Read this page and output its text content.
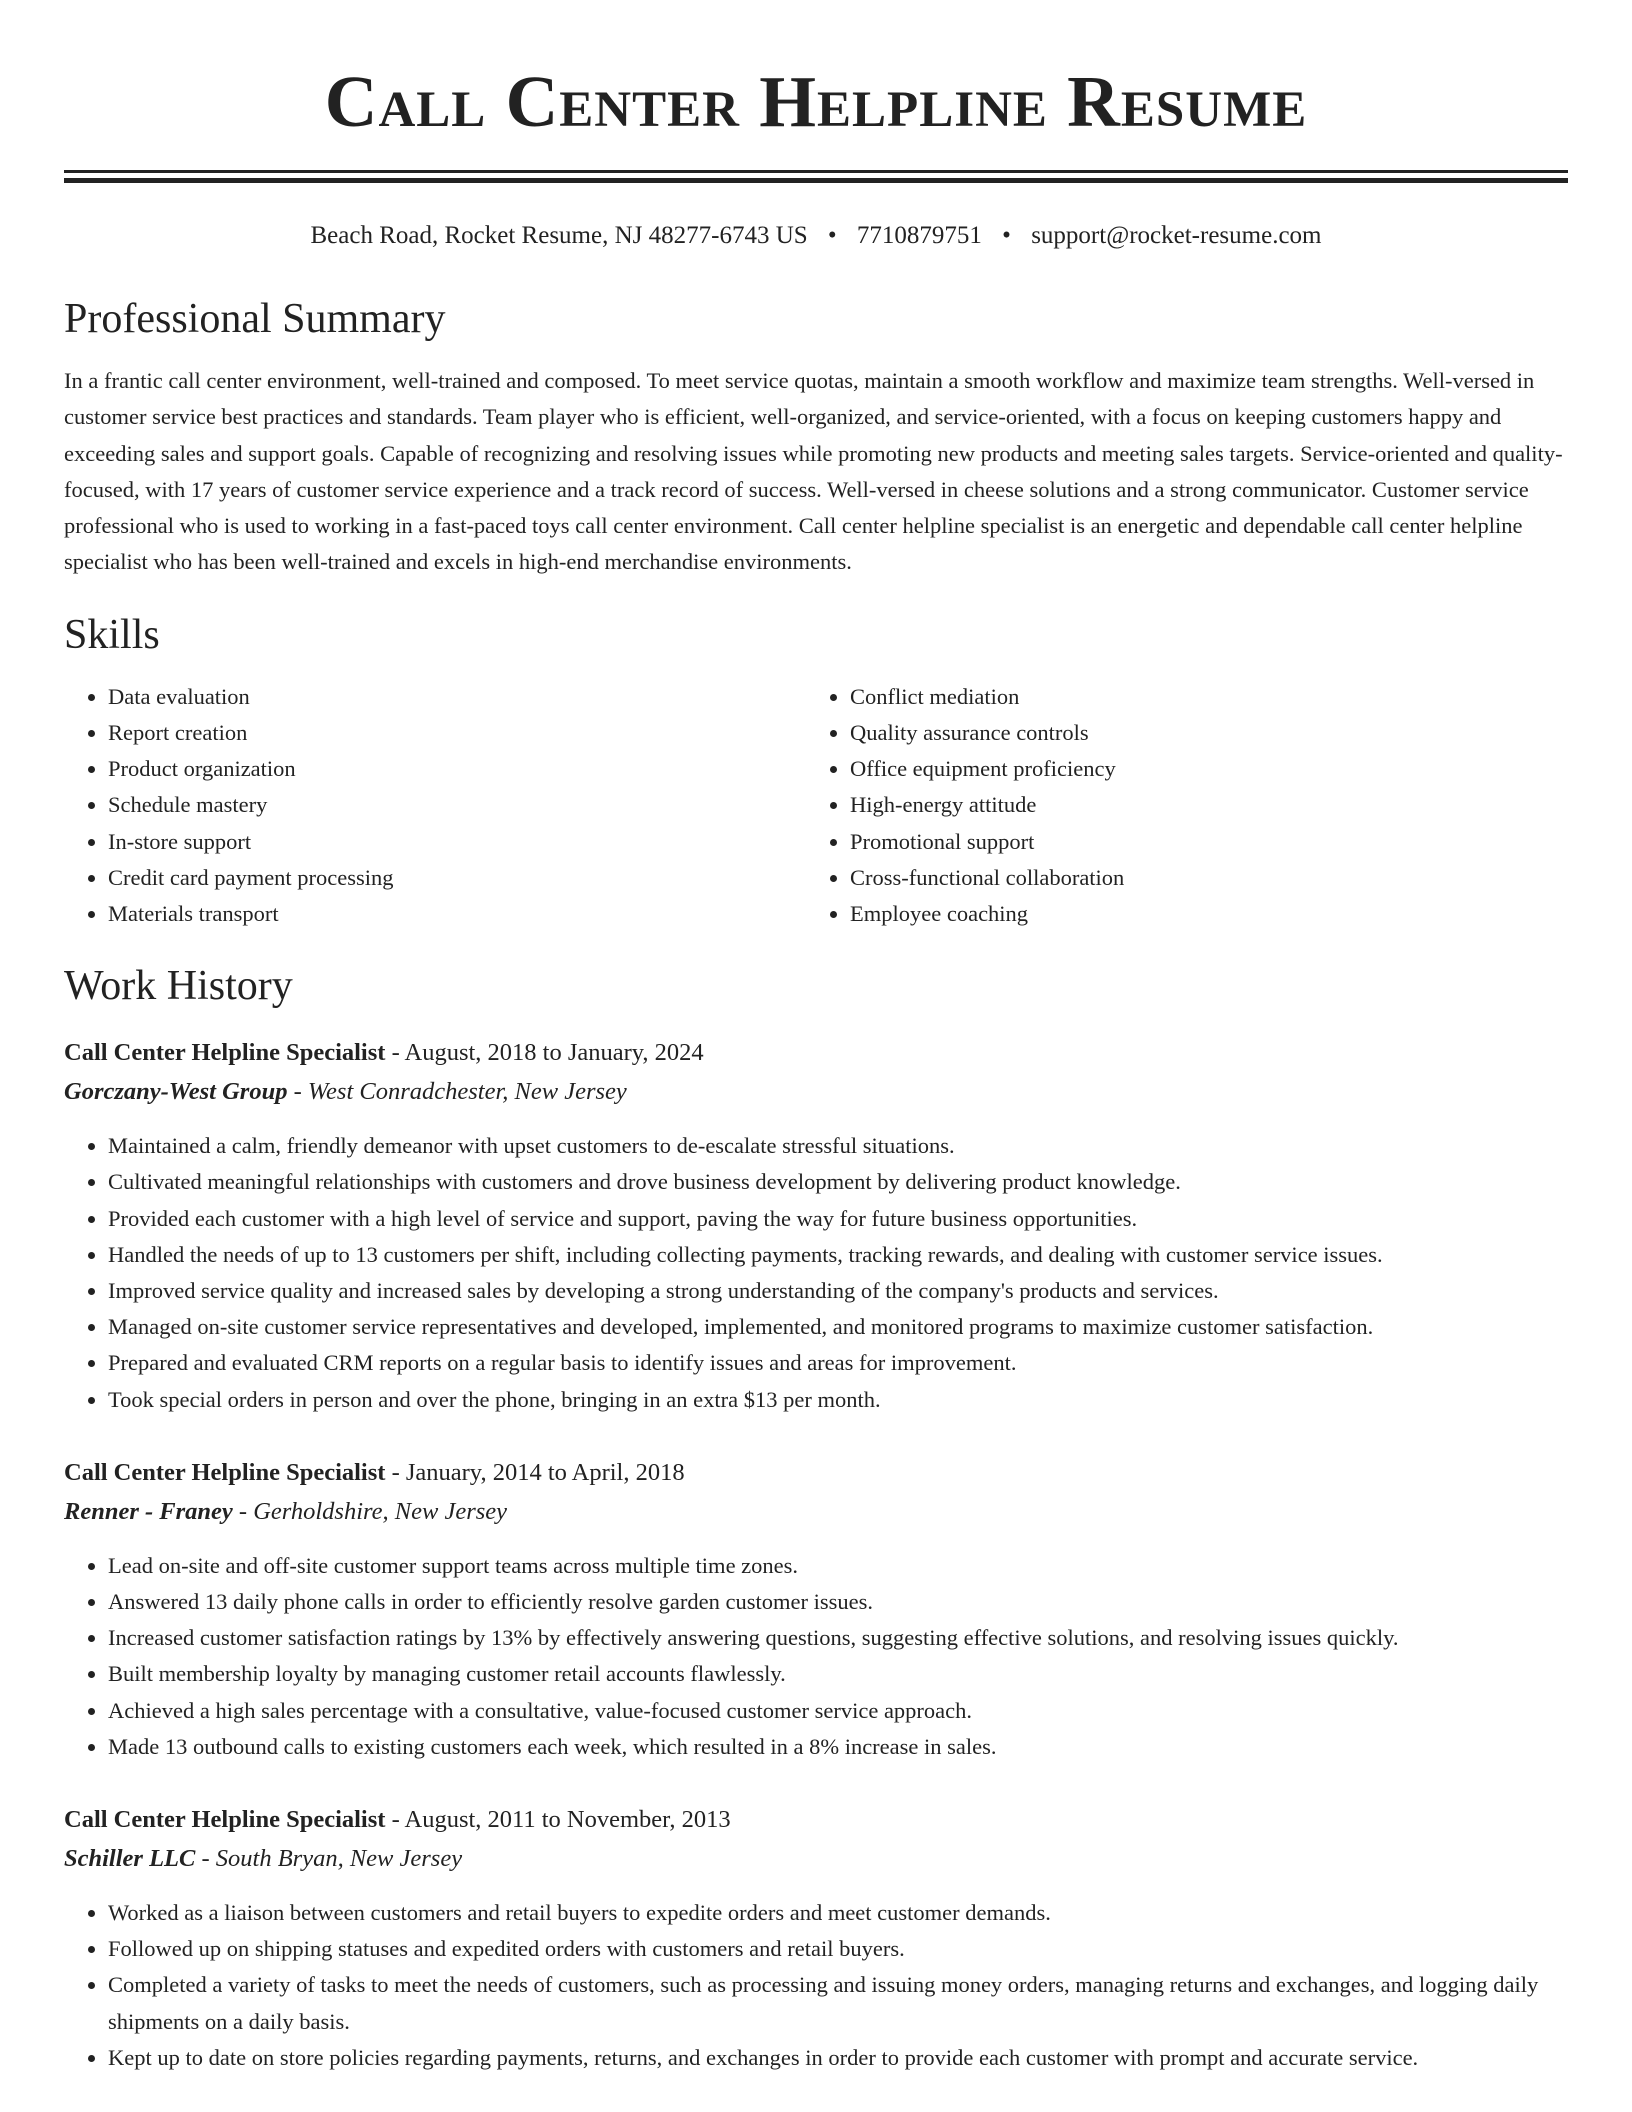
Call Center Helpline Resume
Beach Road, Rocket Resume, NJ 48277-6743 US • 7710879751 • support@rocket-resume.com
Professional Summary

In a frantic call center environment, well-trained and composed. To meet service quotas, maintain a smooth workflow and maximize team strengths. Well-versed in customer service best practices and standards. Team player who is efficient, well-organized, and service-oriented, with a focus on keeping customers happy and exceeding sales and support goals. Capable of recognizing and resolving issues while promoting new products and meeting sales targets. Service-oriented and quality-focused, with 17 years of customer service experience and a track record of success. Well-versed in cheese solutions and a strong communicator. Customer service professional who is used to working in a fast-paced toys call center environment. Call center helpline specialist is an energetic and dependable call center helpline specialist who has been well-trained and excels in high-end merchandise environments.

Skills
• Data evaluation
• Report creation
• Product organization
• Schedule mastery
• In-store support
• Credit card payment processing
• Materials transport
• Conflict mediation
• Quality assurance controls
• Office equipment proficiency
• High-energy attitude
• Promotional support
• Cross-functional collaboration
• Employee coaching
Work History
Call Center Helpline Specialist - August, 2018 to January, 2024
Gorczany-West Group - West Conradchester, New Jersey
• Maintained a calm, friendly demeanor with upset customers to de-escalate stressful situations.
• Cultivated meaningful relationships with customers and drove business development by delivering product knowledge.
• Provided each customer with a high level of service and support, paving the way for future business opportunities.
• Handled the needs of up to 13 customers per shift, including collecting payments, tracking rewards, and dealing with customer service issues.
• Improved service quality and increased sales by developing a strong understanding of the company's products and services.
• Managed on-site customer service representatives and developed, implemented, and monitored programs to maximize customer satisfaction.
• Prepared and evaluated CRM reports on a regular basis to identify issues and areas for improvement.
• Took special orders in person and over the phone, bringing in an extra $13 per month.
Call Center Helpline Specialist - January, 2014 to April, 2018
Renner - Franey - Gerholdshire, New Jersey
• Lead on-site and off-site customer support teams across multiple time zones.
• Answered 13 daily phone calls in order to efficiently resolve garden customer issues.
• Increased customer satisfaction ratings by 13% by effectively answering questions, suggesting effective solutions, and resolving issues quickly.
• Built membership loyalty by managing customer retail accounts flawlessly.
• Achieved a high sales percentage with a consultative, value-focused customer service approach.
• Made 13 outbound calls to existing customers each week, which resulted in a 8% increase in sales.
Call Center Helpline Specialist - August, 2011 to November, 2013
Schiller LLC - South Bryan, New Jersey
• Worked as a liaison between customers and retail buyers to expedite orders and meet customer demands.
• Followed up on shipping statuses and expedited orders with customers and retail buyers.
• Completed a variety of tasks to meet the needs of customers, such as processing and issuing money orders, managing returns and exchanges, and logging daily shipments on a daily basis.
• Kept up to date on store policies regarding payments, returns, and exchanges in order to provide each customer with prompt and accurate service.
